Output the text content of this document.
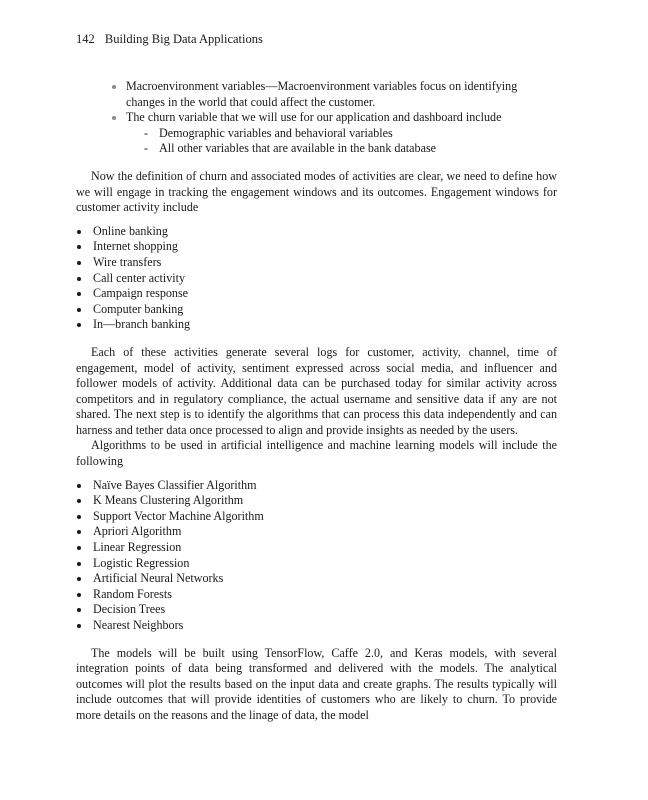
142 Building Big Data Applications
Macroenvironment variables—Macroenvironment variables focus on identifying changes in the world that could affect the customer.
The churn variable that we will use for our application and dashboard include
- Demographic variables and behavioral variables
- All other variables that are available in the bank database

Now the definition of churn and associated modes of activities are clear, we need to define how we will engage in tracking the engagement windows and its outcomes. Engagement windows for customer activity include

Online banking
Internet shopping
Wire transfers
Call center activity
Campaign response
Computer banking
In—branch banking

Each of these activities generate several logs for customer, activity, channel, time of engagement, model of activity, sentiment expressed across social media, and influencer and follower models of activity. Additional data can be purchased today for similar activity across competitors and in regulatory compliance, the actual username and sensitive data if any are not shared. The next step is to identify the algorithms that can process this data independently and can harness and tether data once processed to align and provide insights as needed by the users.

Algorithms to be used in artificial intelligence and machine learning models will include the following

Naïve Bayes Classifier Algorithm
K Means Clustering Algorithm
Support Vector Machine Algorithm
Apriori Algorithm
Linear Regression
Logistic Regression
Artificial Neural Networks
Random Forests
Decision Trees
Nearest Neighbors

The models will be built using TensorFlow, Caffe 2.0, and Keras models, with several integration points of data being transformed and delivered with the models. The analytical outcomes will plot the results based on the input data and create graphs. The results typically will include outcomes that will provide identities of customers who are likely to churn. To provide more details on the reasons and the linage of data, the model
